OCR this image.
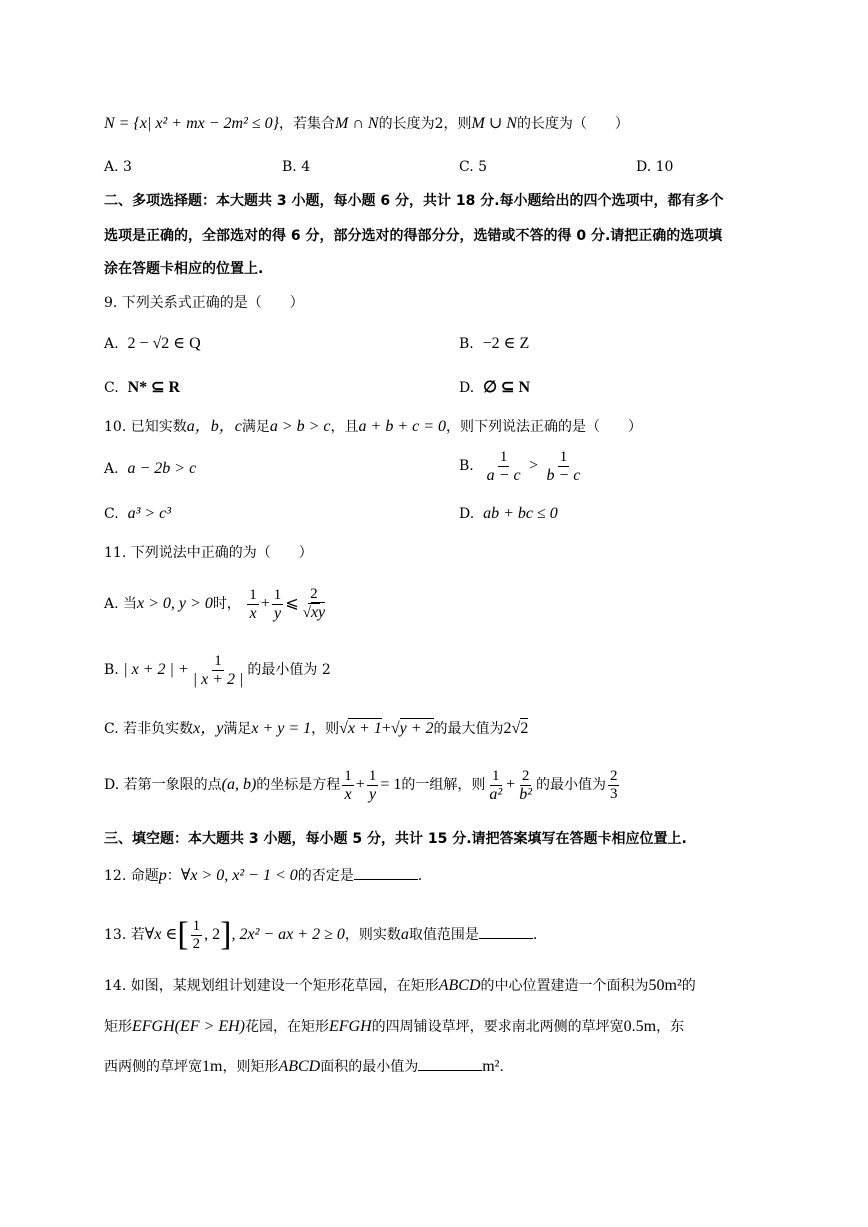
N = {x| x² + mx − 2m² ≤ 0}，若集合M ∩ N的长度为2，则M ∪ N的长度为（　　）
A. 3	B. 4	C. 5	D. 10
二、多项选择题：本大题共 3 小题，每小题 6 分，共计 18 分.每小题给出的四个选项中，都有多个
选项是正确的，全部选对的得 6 分，部分选对的得部分分，选错或不答的得 0 分.请把正确的选项填
涂在答题卡相应的位置上.
9. 下列关系式正确的是（　　）
A. 2 − √2 ∈ Q	B. −2 ∈ Z
C. N* ⊆ R	D. ∅ ⊆ N
10. 已知实数a，b，c满足a > b > c，且a + b + c = 0，则下列说法正确的是（　　）
A. a − 2b > c	B. $\frac{1}{a - c} > \frac{1}{b - c}$
C. a³ > c³	D. ab + bc ≤ 0
11. 下列说法中正确的为（　　）
A. 当x > 0, y > 0时， $\frac{1}{x} + \frac{1}{y}$ ⩽ $\frac{2}{√xy}$
B. | x + 2 | + $\frac{1}{| x + 2 |}$ 的最小值为 2
C. 若非负实数x，y满足x + y = 1，则√x + 1+√y + 2的最大值为2√2
D. 若第一象限的点(a, b)的坐标是方程 $\frac{1}{x} + \frac{1}{y} = 1$的一组解，则 $\frac{1}{\text{a²}} + \frac{2}{\text{b²}}$ 的最小值为 $\frac{2}{3}$
三、填空题：本大题共 3 小题，每小题 5 分，共计 15 分.请把答案填写在答题卡相应位置上.
12. 命题p：∀x > 0, x² − 1 < 0的否定是	.
13. 若∀x ∈[ $\frac{1}{2}$ , 2], 2x² − ax + 2 ≥ 0，则实数a取值范围是	.
14. 如图，某规划组计划建设一个矩形花草园，在矩形ABCD的中心位置建造一个面积为50m²的
矩形EFGH(EF > EH)花园，在矩形EFGH的四周铺设草坪，要求南北两侧的草坪宽0.5m，东
西两侧的草坪宽1m，则矩形ABCD面积的最小值为	m².
